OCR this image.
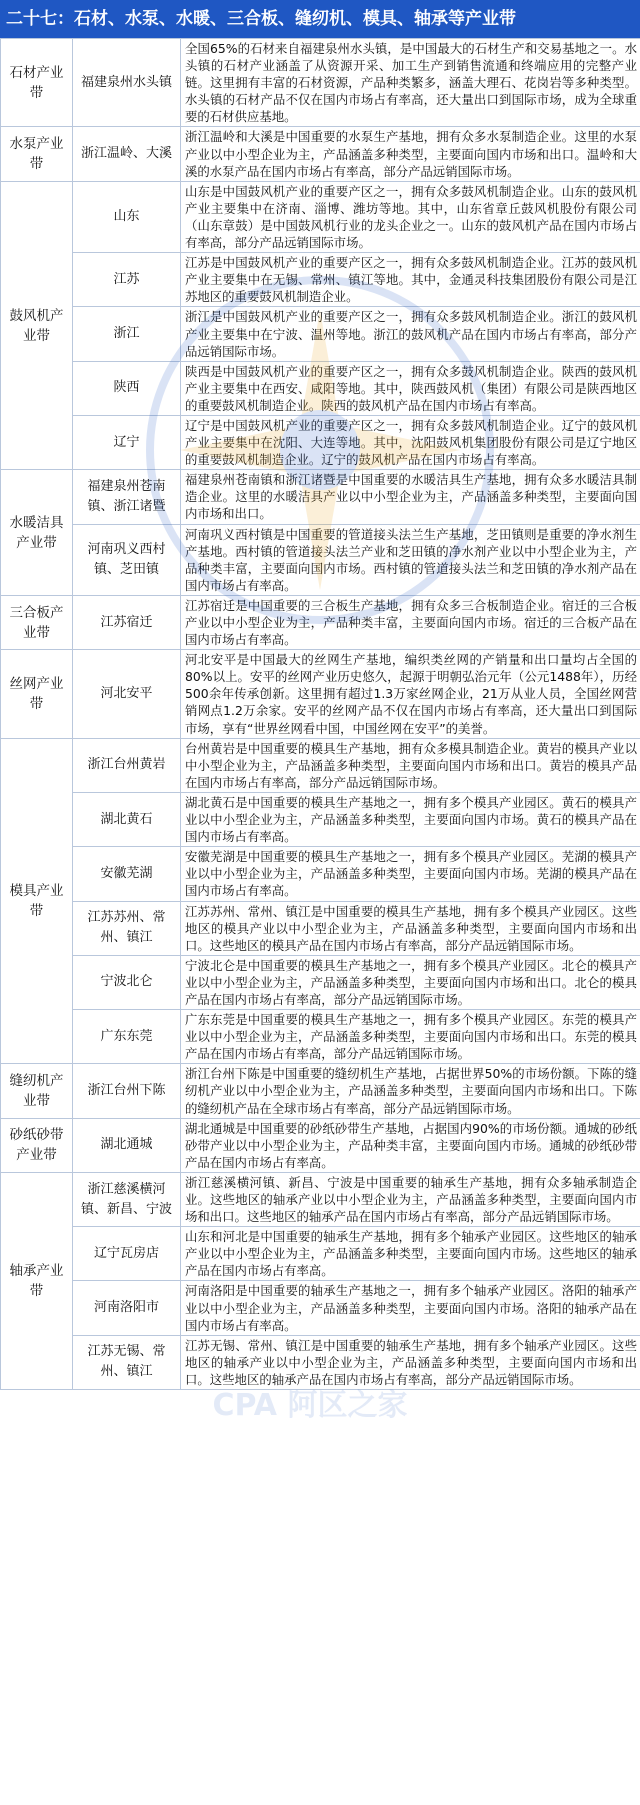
二十七：石材、水泵、水暖、三合板、缝纫机、模具、轴承等产业带
石材产业带	福建泉州水头镇	全国65%的石材来自福建泉州水头镇，是中国最大的石材生产和交易基地之一。水头镇的石材产业涵盖了从资源开采、加工生产到销售流通和终端应用的完整产业链。这里拥有丰富的石材资源，产品种类繁多，涵盖大理石、花岗岩等多种类型。水头镇的石材产品不仅在国内市场占有率高，还大量出口到国际市场，成为全球重要的石材供应基地。
水泵产业带	浙江温岭、大溪	浙江温岭和大溪是中国重要的水泵生产基地，拥有众多水泵制造企业。这里的水泵产业以中小型企业为主，产品涵盖多种类型，主要面向国内市场和出口。温岭和大溪的水泵产品在国内市场占有率高，部分产品远销国际市场。
鼓风机产业带	山东	山东是中国鼓风机产业的重要产区之一，拥有众多鼓风机制造企业。山东的鼓风机产业主要集中在济南、淄博、潍坊等地。其中，山东省章丘鼓风机股份有限公司（山东章鼓）是中国鼓风机行业的龙头企业之一。山东的鼓风机产品在国内市场占有率高，部分产品远销国际市场。
	江苏	江苏是中国鼓风机产业的重要产区之一，拥有众多鼓风机制造企业。江苏的鼓风机产业主要集中在无锡、常州、镇江等地。其中，金通灵科技集团股份有限公司是江苏地区的重要鼓风机制造企业。
	浙江	浙江是中国鼓风机产业的重要产区之一，拥有众多鼓风机制造企业。浙江的鼓风机产业主要集中在宁波、温州等地。浙江的鼓风机产品在国内市场占有率高，部分产品远销国际市场。
	陕西	陕西是中国鼓风机产业的重要产区之一，拥有众多鼓风机制造企业。陕西的鼓风机产业主要集中在西安、咸阳等地。其中，陕西鼓风机（集团）有限公司是陕西地区的重要鼓风机制造企业。陕西的鼓风机产品在国内市场占有率高。
	辽宁	辽宁是中国鼓风机产业的重要产区之一，拥有众多鼓风机制造企业。辽宁的鼓风机产业主要集中在沈阳、大连等地。其中，沈阳鼓风机集团股份有限公司是辽宁地区的重要鼓风机制造企业。辽宁的鼓风机产品在国内市场占有率高。
水暖洁具产业带	福建泉州苍南镇、浙江诸暨	福建泉州苍南镇和浙江诸暨是中国重要的水暖洁具生产基地，拥有众多水暖洁具制造企业。这里的水暖洁具产业以中小型企业为主，产品涵盖多种类型，主要面向国内市场和出口。
	河南巩义西村镇、芝田镇	河南巩义西村镇是中国重要的管道接头法兰生产基地，芝田镇则是重要的净水剂生产基地。西村镇的管道接头法兰产业和芝田镇的净水剂产业以中小型企业为主，产品种类丰富，主要面向国内市场。西村镇的管道接头法兰和芝田镇的净水剂产品在国内市场占有率高。
三合板产业带	江苏宿迁	江苏宿迁是中国重要的三合板生产基地，拥有众多三合板制造企业。宿迁的三合板产业以中小型企业为主，产品种类丰富，主要面向国内市场。宿迁的三合板产品在国内市场占有率高。
丝网产业带	河北安平	河北安平是中国最大的丝网生产基地，编织类丝网的产销量和出口量均占全国的80%以上。安平的丝网产业历史悠久，起源于明朝弘治元年（公元1488年），历经500余年传承创新。这里拥有超过1.3万家丝网企业，21万从业人员，全国丝网营销网点1.2万余家。安平的丝网产品不仅在国内市场占有率高，还大量出口到国际市场，享有“世界丝网看中国，中国丝网在安平”的美誉。
模具产业带	浙江台州黄岩	台州黄岩是中国重要的模具生产基地，拥有众多模具制造企业。黄岩的模具产业以中小型企业为主，产品涵盖多种类型，主要面向国内市场和出口。黄岩的模具产品在国内市场占有率高，部分产品远销国际市场。
	湖北黄石	湖北黄石是中国重要的模具生产基地之一，拥有多个模具产业园区。黄石的模具产业以中小型企业为主，产品涵盖多种类型，主要面向国内市场。黄石的模具产品在国内市场占有率高。
	安徽芜湖	安徽芜湖是中国重要的模具生产基地之一，拥有多个模具产业园区。芜湖的模具产业以中小型企业为主，产品涵盖多种类型，主要面向国内市场。芜湖的模具产品在国内市场占有率高。
	江苏苏州、常州、镇江	江苏苏州、常州、镇江是中国重要的模具生产基地，拥有多个模具产业园区。这些地区的模具产业以中小型企业为主，产品涵盖多种类型，主要面向国内市场和出口。这些地区的模具产品在国内市场占有率高，部分产品远销国际市场。
	宁波北仑	宁波北仑是中国重要的模具生产基地之一，拥有多个模具产业园区。北仑的模具产业以中小型企业为主，产品涵盖多种类型，主要面向国内市场和出口。北仑的模具产品在国内市场占有率高，部分产品远销国际市场。
	广东东莞	广东东莞是中国重要的模具生产基地之一，拥有多个模具产业园区。东莞的模具产业以中小型企业为主，产品涵盖多种类型，主要面向国内市场和出口。东莞的模具产品在国内市场占有率高，部分产品远销国际市场。
缝纫机产业带	浙江台州下陈	浙江台州下陈是中国重要的缝纫机生产基地，占据世界50%的市场份额。下陈的缝纫机产业以中小型企业为主，产品涵盖多种类型，主要面向国内市场和出口。下陈的缝纫机产品在全球市场占有率高，部分产品远销国际市场。
砂纸砂带产业带	湖北通城	湖北通城是中国重要的砂纸砂带生产基地，占据国内90%的市场份额。通城的砂纸砂带产业以中小型企业为主，产品种类丰富，主要面向国内市场。通城的砂纸砂带产品在国内市场占有率高。
轴承产业带	浙江慈溪横河镇、新昌、宁波	浙江慈溪横河镇、新昌、宁波是中国重要的轴承生产基地，拥有众多轴承制造企业。这些地区的轴承产业以中小型企业为主，产品涵盖多种类型，主要面向国内市场和出口。这些地区的轴承产品在国内市场占有率高，部分产品远销国际市场。
	辽宁瓦房店	山东和河北是中国重要的轴承生产基地，拥有多个轴承产业园区。这些地区的轴承产业以中小型企业为主，产品涵盖多种类型，主要面向国内市场。这些地区的轴承产品在国内市场占有率高。
	河南洛阳市	河南洛阳是中国重要的轴承生产基地之一，拥有多个轴承产业园区。洛阳的轴承产业以中小型企业为主，产品涵盖多种类型，主要面向国内市场。洛阳的轴承产品在国内市场占有率高。
	江苏无锡、常州、镇江	江苏无锡、常州、镇江是中国重要的轴承生产基地，拥有多个轴承产业园区。这些地区的轴承产业以中小型企业为主，产品涵盖多种类型，主要面向国内市场和出口。这些地区的轴承产品在国内市场占有率高，部分产品远销国际市场。
CPA 阿区之家
